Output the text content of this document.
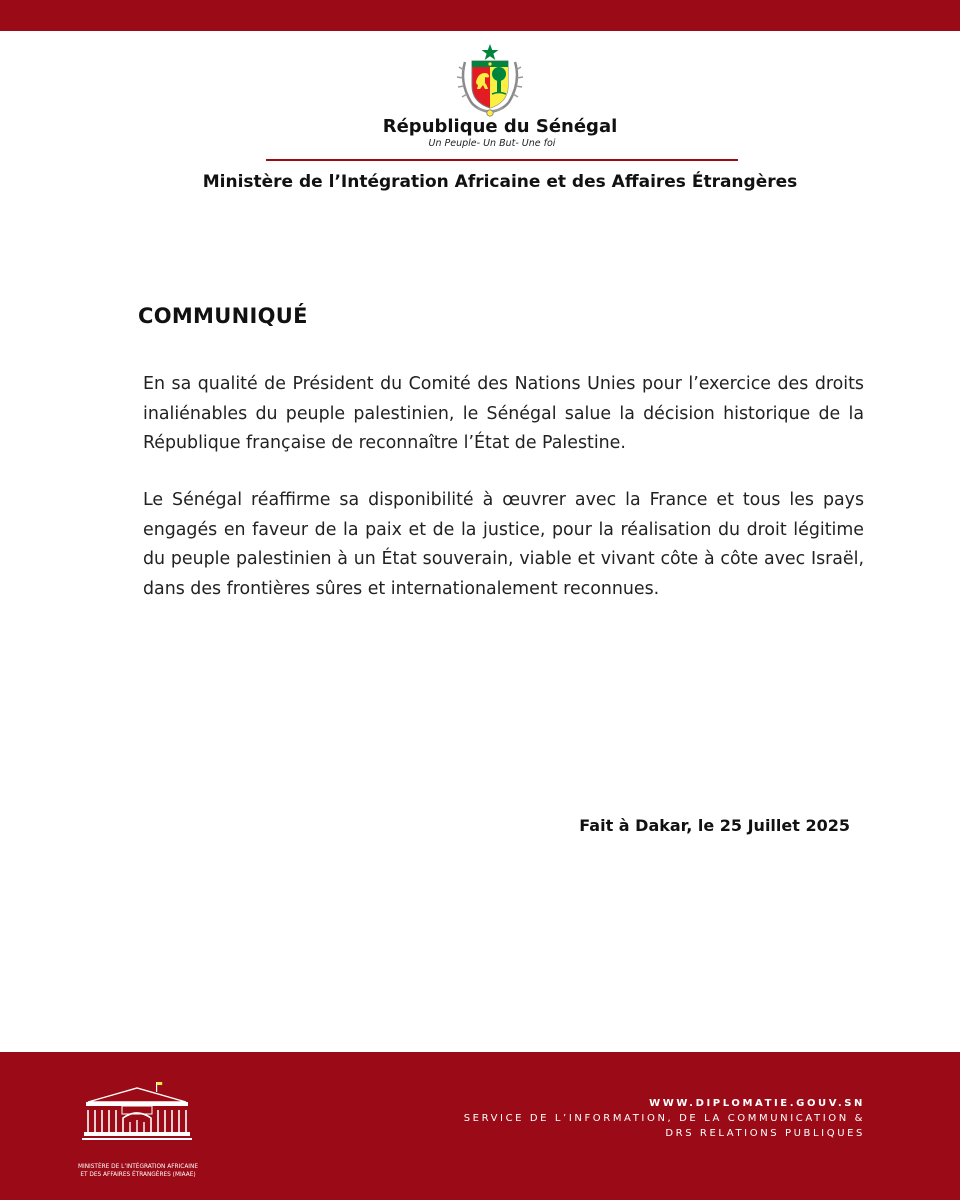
République du Sénégal
Un Peuple- Un But- Une foi
Ministère de l’Intégration Africaine et des Affaires Étrangères
COMMUNIQUÉ

En sa qualité de Président du Comité des Nations Unies pour l’exercice des droits inaliénables du peuple palestinien, le Sénégal salue la décision historique de la République française de reconnaître l’État de Palestine.

Le Sénégal réaffirme sa disponibilité à œuvrer avec la France et tous les pays engagés en faveur de la paix et de la justice, pour la réalisation du droit légitime du peuple palestinien à un État souverain, viable et vivant côte à côte avec Israël, dans des frontières sûres et internationalement reconnues.

Fait à Dakar, le 25 Juillet 2025
MINISTÈRE DE L’INTÉGRATION AFRICAINE
ET DES AFFAIRES ÉTRANGÈRES (MIAAE)
WWW.DIPLOMATIE.GOUV.SN
SERVICE DE L’INFORMATION, DE LA COMMUNICATION &
DRS RELATIONS PUBLIQUES
